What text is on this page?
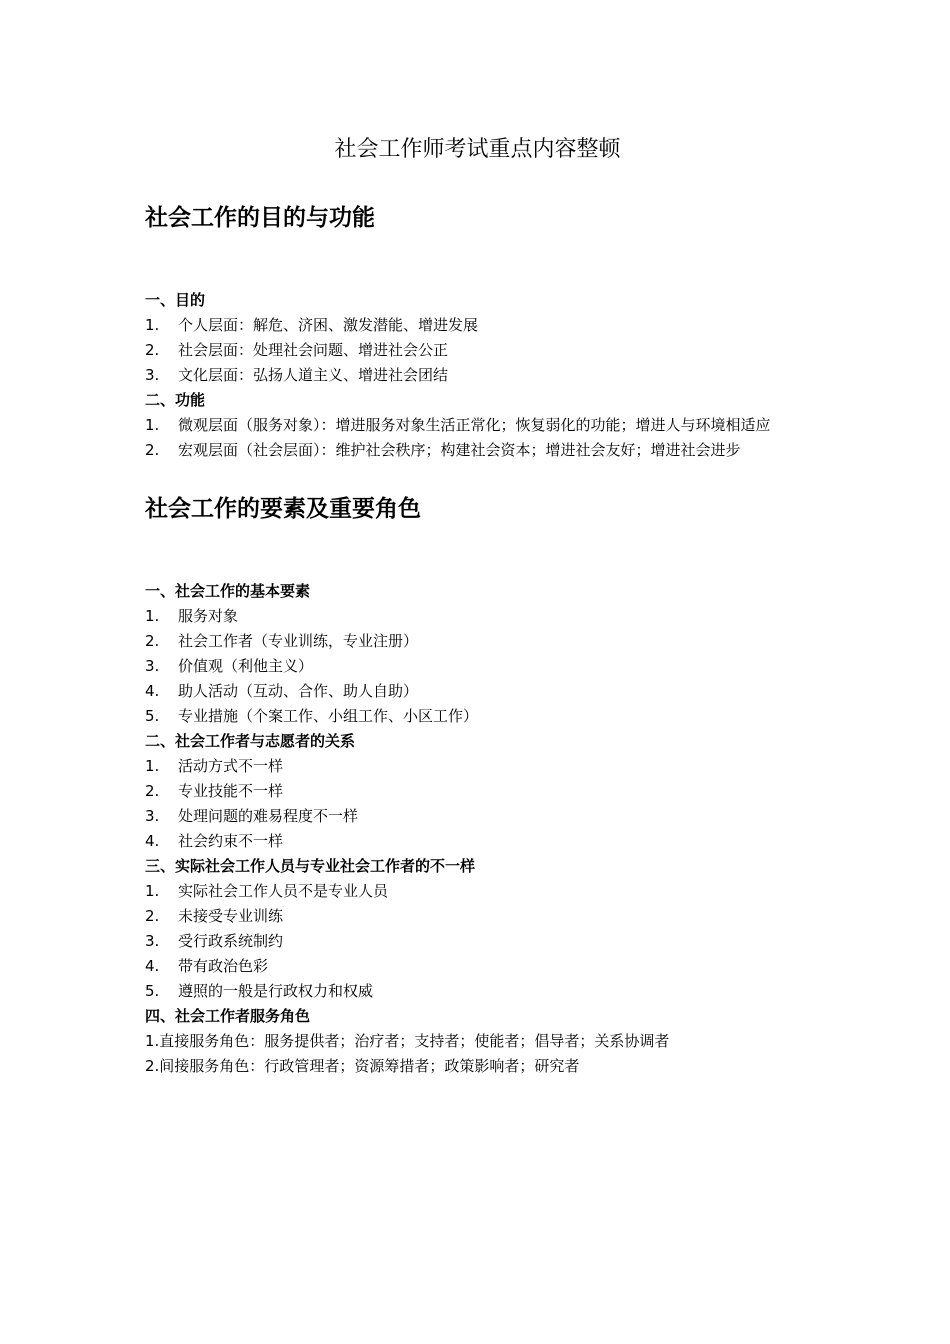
社会工作师考试重点内容整顿
社会工作的目的与功能

一、目的

1. 个人层面：解危、济困、激发潜能、增进发展

2. 社会层面：处理社会问题、增进社会公正

3. 文化层面：弘扬人道主义、增进社会团结

二、功能

1. 微观层面（服务对象）：增进服务对象生活正常化；恢复弱化的功能；增进人与环境相适应

2. 宏观层面（社会层面）：维护社会秩序；构建社会资本；增进社会友好；增进社会进步

社会工作的要素及重要角色

一、社会工作的基本要素

1. 服务对象

2. 社会工作者（专业训练，专业注册）

3. 价值观（利他主义）

4. 助人活动（互动、合作、助人自助）

5. 专业措施（个案工作、小组工作、小区工作）

二、社会工作者与志愿者的关系

1. 活动方式不一样

2. 专业技能不一样

3. 处理问题的难易程度不一样

4. 社会约束不一样

三、实际社会工作人员与专业社会工作者的不一样

1. 实际社会工作人员不是专业人员

2. 未接受专业训练

3. 受行政系统制约

4. 带有政治色彩

5. 遵照的一般是行政权力和权威

四、社会工作者服务角色

1.直接服务角色：服务提供者；治疗者；支持者；使能者；倡导者；关系协调者

2.间接服务角色：行政管理者；资源筹措者；政策影响者；研究者
